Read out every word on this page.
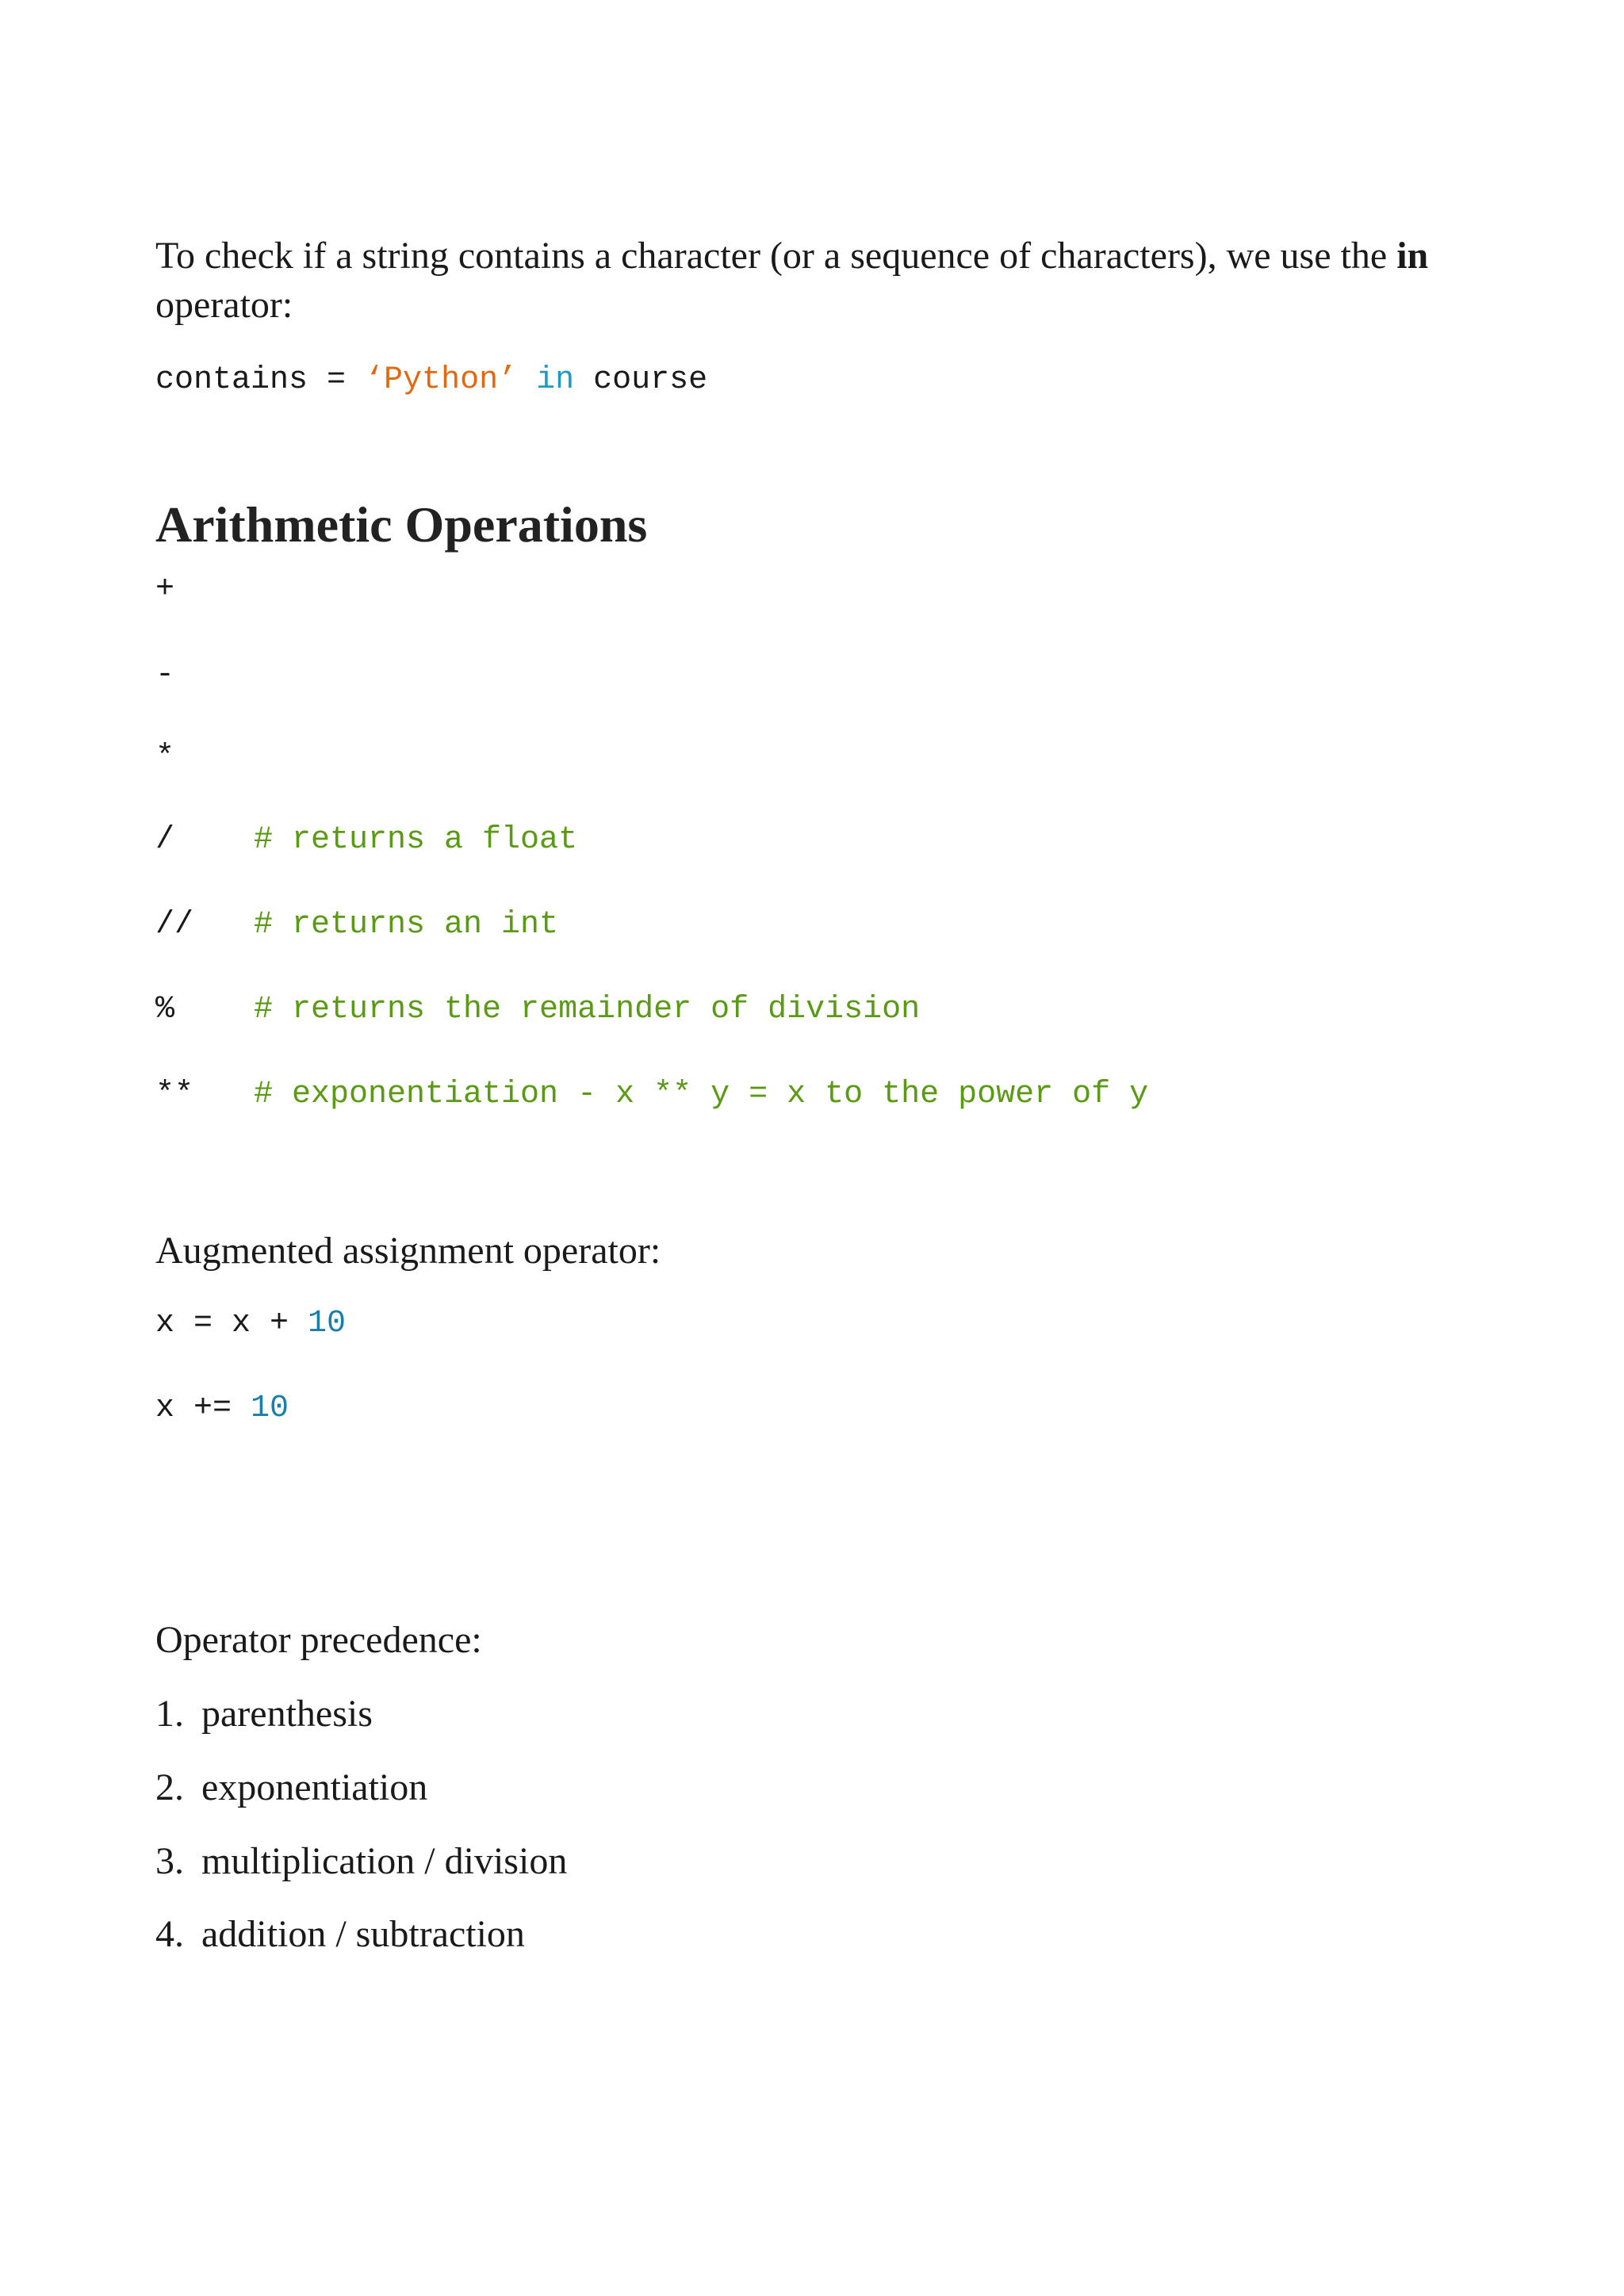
To check if a string contains a character (or a sequence of characters), we use the in
operator:
contains = ‘Python’ in course
Arithmetic Operations
+
-
*
/ # returns a float
// # returns an int
% # returns the remainder of division
** # exponentiation - x ** y = x to the power of y
Augmented assignment operator:
x = x + 10
x += 10
Operator precedence:
1. parenthesis
2. exponentiation
3. multiplication / division
4. addition / subtraction
